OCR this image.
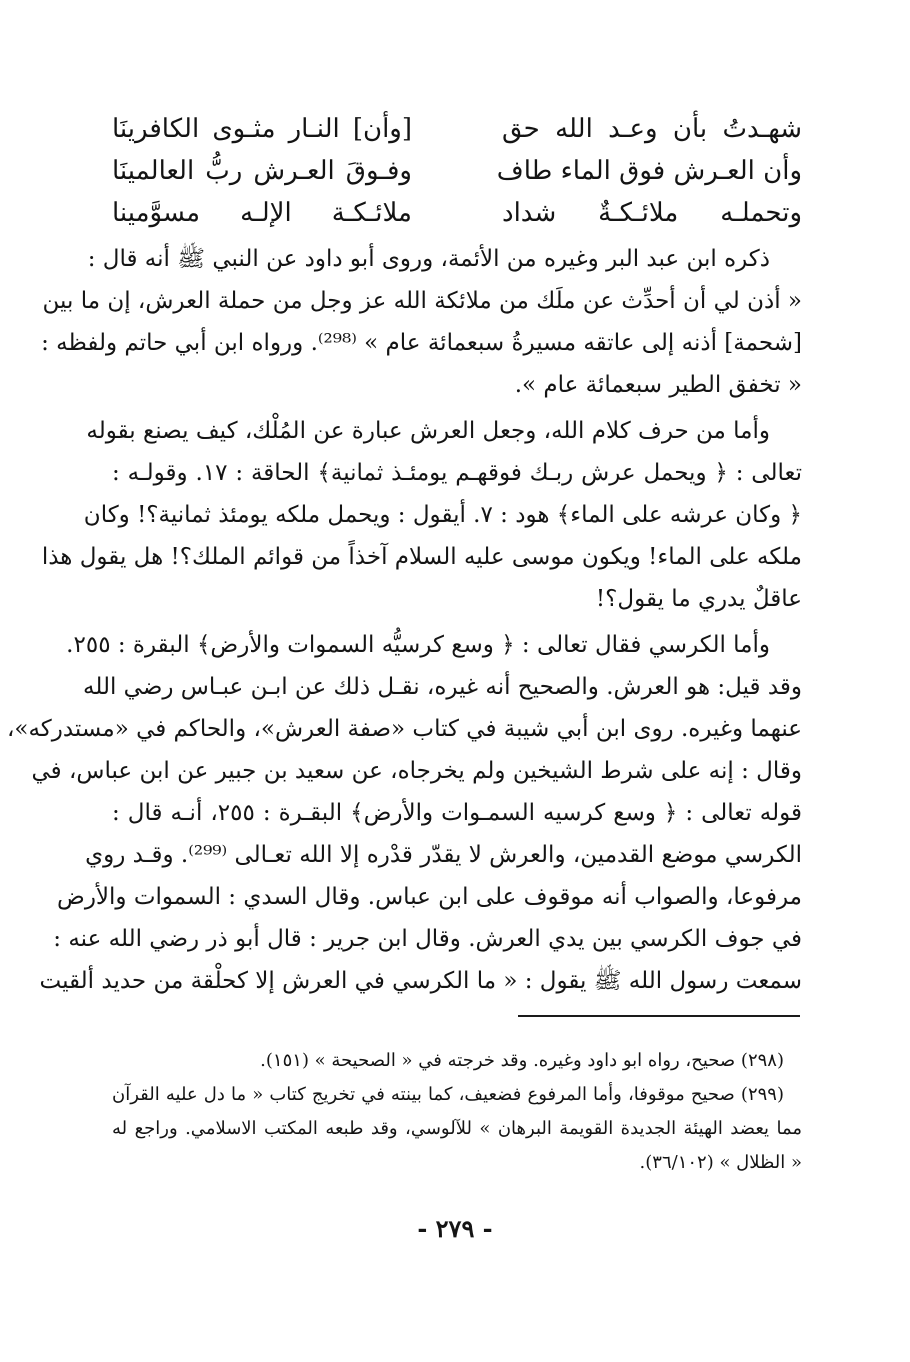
شهـدتُ بأن وعـد الله حق
[وأن] النـار مثـوى الكافرينَا
وأن العـرش فوق الماء طاف
وفـوقَ العـرش ربُّ العالمينَا
وتحملـه ملائـكـةٌ شداد
ملائـكـة الإلـه مسوَّمينا
ذكره ابن عبد البر وغيره من الأئمة، وروى أبو داود عن النبي ﷺ أنه قال :
« أذن لي أن أحدِّث عن ملَك من ملائكة الله عز وجل من حملة العرش، إن ما بين
[شحمة] أذنه إلى عاتقه مسيرةُ سبعمائة عام » ⁽²⁹⁸⁾. ورواه ابن أبي حاتم ولفظه :
« تخفق الطير سبعمائة عام ».
وأما من حرف كلام الله، وجعل العرش عبارة عن المُلْك، كيف يصنع بقوله
تعالى : ﴿ ويحمل عرش ربـك فوقهـم يومئـذ ثمانية﴾ الحاقة : ١٧. وقولـه :
﴿ وكان عرشه على الماء﴾ هود : ٧. أيقول : ويحمل ملكه يومئذ ثمانية؟! وكان
ملكه على الماء! ويكون موسى عليه السلام آخذاً من قوائم الملك؟! هل يقول هذا
عاقلٌ يدري ما يقول؟!
وأما الكرسي فقال تعالى : ﴿ وسع كرسيُّه السموات والأرض﴾ البقرة : ٢٥٥.
وقد قيل: هو العرش. والصحيح أنه غيره، نقـل ذلك عن ابـن عبـاس رضي الله
عنهما وغيره. روى ابن أبي شيبة في كتاب «صفة العرش»، والحاكم في «مستدركه»،
وقال : إنه على شرط الشيخين ولم يخرجاه، عن سعيد بن جبير عن ابن عباس، في
قوله تعالى : ﴿ وسع كرسيه السمـوات والأرض﴾ البقـرة : ٢٥٥، أنـه قال :
الكرسي موضع القدمين، والعرش لا يقدّر قدْره إلا الله تعـالى ⁽²⁹⁹⁾. وقـد روي
مرفوعا، والصواب أنه موقوف على ابن عباس. وقال السدي : السموات والأرض
في جوف الكرسي بين يدي العرش. وقال ابن جرير : قال أبو ذر رضي الله عنه :
سمعت رسول الله ﷺ يقول : « ما الكرسي في العرش إلا كحلْقة من حديد ألقيت
(٢٩٨) صحيح، رواه ابو داود وغيره. وقد خرجته في « الصحيحة » (١٥١).
(٢٩٩) صحيح موقوفا، وأما المرفوع فضعيف، كما بينته في تخريج كتاب « ما دل عليه القرآن
مما يعضد الهيئة الجديدة القويمة البرهان » للآلوسي، وقد طبعه المكتب الاسلامي. وراجع له
« الظلال » (٣٦/١٠٢).
- ٢٧٩ -
